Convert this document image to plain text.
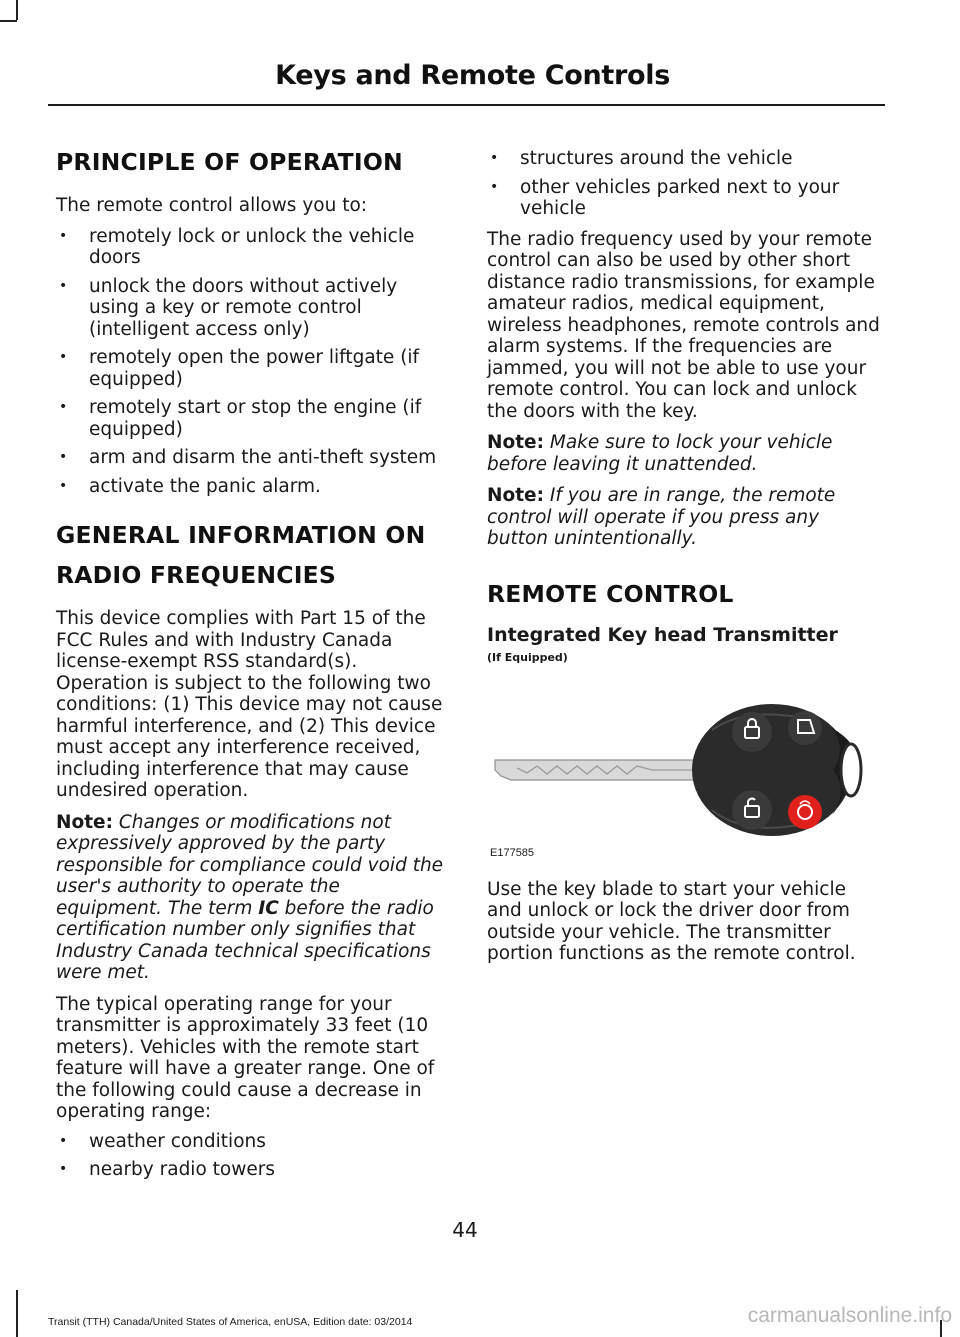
Keys and Remote Controls
PRINCIPLE OF OPERATION

The remote control allows you to:

• remotely lock or unlock the vehicle doors
• unlock the doors without actively using a key or remote control (intelligent access only)
• remotely open the power liftgate (if equipped)
• remotely start or stop the engine (if equipped)
• arm and disarm the anti-theft system
• activate the panic alarm.
GENERAL INFORMATION ON
RADIO FREQUENCIES

This device complies with Part 15 of the FCC Rules and with Industry Canada license-exempt RSS standard(s). Operation is subject to the following two conditions: (1) This device may not cause harmful interference, and (2) This device must accept any interference received, including interference that may cause undesired operation.

Note: Changes or modifications not expressively approved by the party responsible for compliance could void the user's authority to operate the equipment. The term IC before the radio certification number only signifies that Industry Canada technical specifications were met.

The typical operating range for your transmitter is approximately 33 feet (10 meters). Vehicles with the remote start feature will have a greater range. One of the following could cause a decrease in operating range:

• weather conditions
• nearby radio towers
• structures around the vehicle
• other vehicles parked next to your vehicle

The radio frequency used by your remote control can also be used by other short distance radio transmissions, for example amateur radios, medical equipment, wireless headphones, remote controls and alarm systems. If the frequencies are jammed, you will not be able to use your remote control. You can lock and unlock the doors with the key.

Note: Make sure to lock your vehicle before leaving it unattended.

Note: If you are in range, the remote control will operate if you press any button unintentionally.

REMOTE CONTROL
Integrated Key head Transmitter

(If Equipped)

E177585

Use the key blade to start your vehicle and unlock or lock the driver door from outside your vehicle. The transmitter portion functions as the remote control.

44
Transit (TTH) Canada/United States of America, enUSA, Edition date: 03/2014	carmanualsonline.info
